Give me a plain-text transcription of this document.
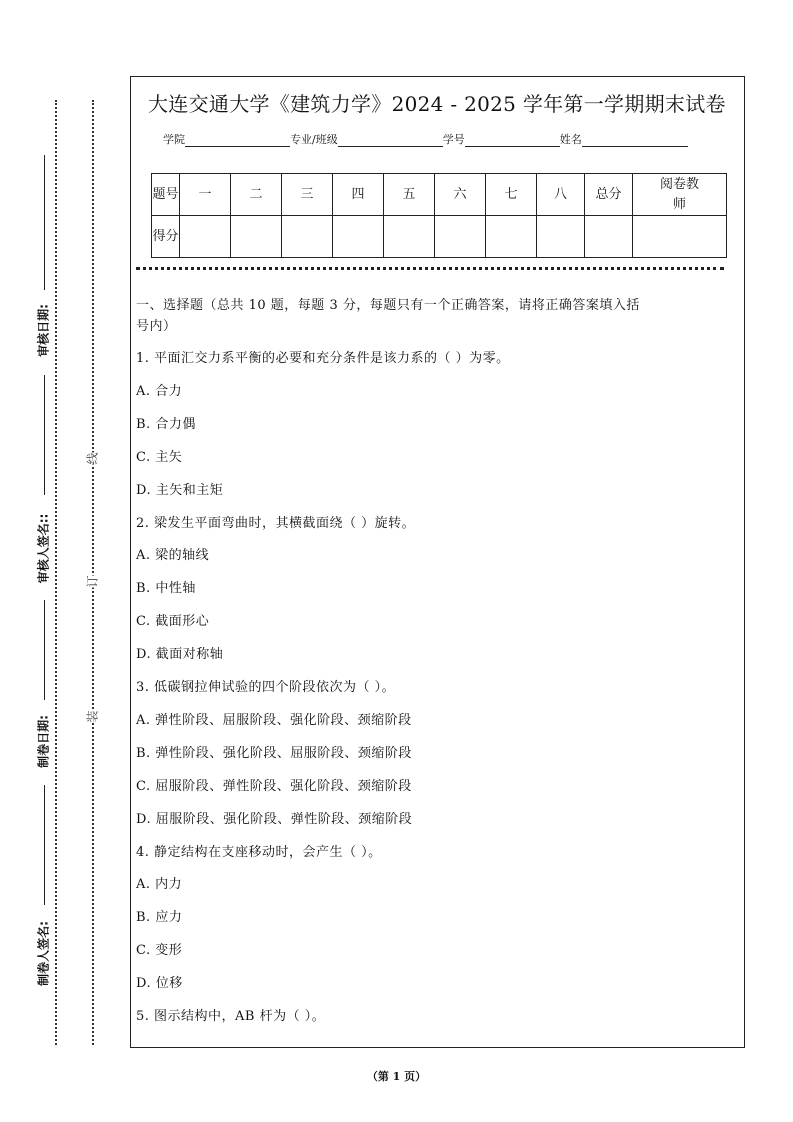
线
订
装
审核日期:
审核人签名::
制卷日期:
制卷人签名:
大连交通大学《建筑力学》2024 - 2025 学年第一学期期末试卷
学院	专业/班级	学号	姓名
题号	一	二	三	四	五	六	七	八	总分	阅卷教师
得分										
一、选择题（总共 10 题，每题 3 分，每题只有一个正确答案，请将正确答案填入括
号内）
1. 平面汇交力系平衡的必要和充分条件是该力系的（ ）为零。
A. 合力
B. 合力偶
C. 主矢
D. 主矢和主矩
2. 梁发生平面弯曲时，其横截面绕（ ）旋转。
A. 梁的轴线
B. 中性轴
C. 截面形心
D. 截面对称轴
3. 低碳钢拉伸试验的四个阶段依次为（ ）。
A. 弹性阶段、屈服阶段、强化阶段、颈缩阶段
B. 弹性阶段、强化阶段、屈服阶段、颈缩阶段
C. 屈服阶段、弹性阶段、强化阶段、颈缩阶段
D. 屈服阶段、强化阶段、弹性阶段、颈缩阶段
4. 静定结构在支座移动时，会产生（ ）。
A. 内力
B. 应力
C. 变形
D. 位移
5. 图示结构中，AB 杆为（ ）。
（第 1 页）
